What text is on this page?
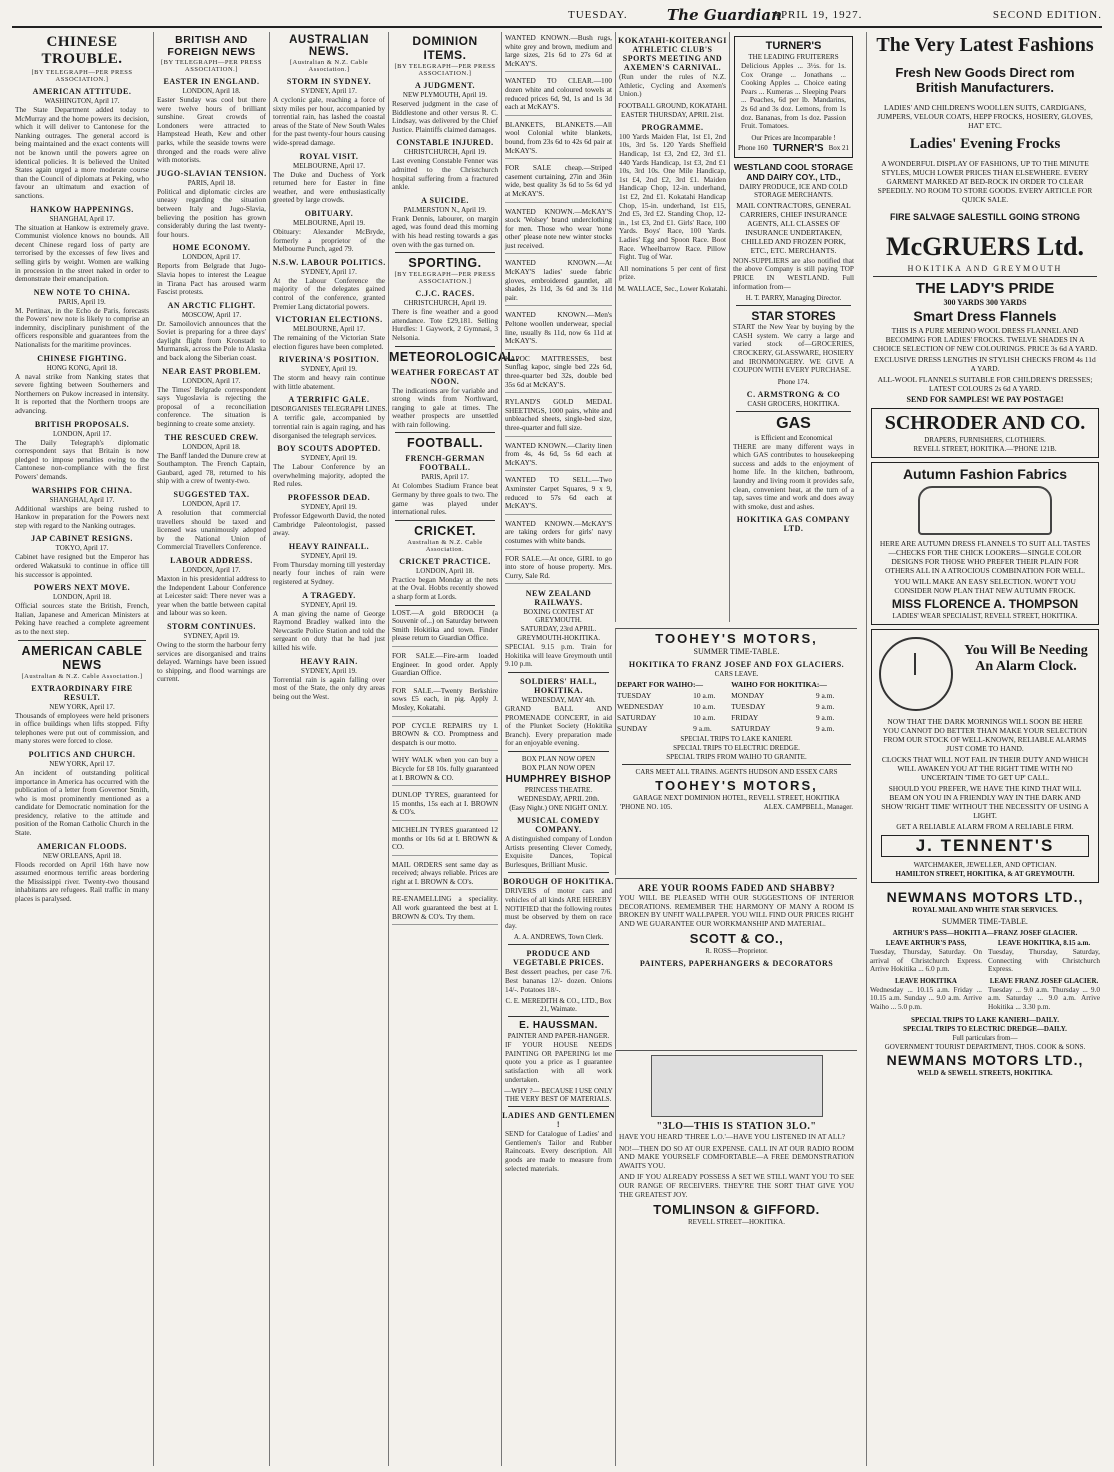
TUESDAY.	The Guardian
APRIL 19, 1927.	SECOND EDITION.
CHINESE TROUBLE.
[BY TELEGRAPH—PER PRESS ASSOCIATION.]
AMERICAN ATTITUDE.
WASHINGTON, April 17.

The State Department added today to McMurray and the home powers its decision, which it will deliver to Cantonese for the Nanking outrages. The general accord is being maintained and the exact contents will not be known until the powers agree on identical policies. It is believed the United States again urged a more moderate course than the Council of diplomats at Peking, who favour an ultimatum and exaction of sanctions.

HANKOW HAPPENINGS.
SHANGHAI, April 17.

The situation at Hankow is extremely grave. Communist violence knows no bounds. All decent Chinese regard loss of party are terrorised by the excesses of few lives and selling girls by weight. Women are walking in procession in the street naked in order to demonstrate their emancipation.

NEW NOTE TO CHINA.
PARIS, April 19.

M. Pertinax, in the Echo de Paris, forecasts the Powers' new note is likely to comprise an indemnity, disciplinary punishment of the officers responsible and guarantees from the Nationalists for the maritime provinces.

CHINESE FIGHTING.
HONG KONG, April 18.

A naval strike from Nanking states that severe fighting between Southerners and Northerners on Pukow increased in intensity. It is reported that the Northern troops are advancing.

BRITISH PROPOSALS.
LONDON, April 17.

The Daily Telegraph's diplomatic correspondent says that Britain is now pledged to impose penalties owing to the Cantonese non-compliance with the first Powers' demands.

WARSHIPS FOR CHINA.
SHANGHAI, April 17.

Additional warships are being rushed to Hankow in preparation for the Powers next step with regard to the Nanking outrages.

JAP CABINET RESIGNS.
TOKYO, April 17.

Cabinet have resigned but the Emperor has ordered Wakatsuki to continue in office till his successor is appointed.

POWERS NEXT MOVE.
LONDON, April 18.

Official sources state the British, French, Italian, Japanese and American Ministers at Peking have reached a complete agreement as to the next step.

AMERICAN CABLE NEWS
[Australian & N.Z. Cable Association.]
EXTRAORDINARY FIRE RESULT.
NEW YORK, April 17.

Thousands of employees were held prisoners in office buildings when lifts stopped. Fifty telephones were put out of commission, and many stores were forced to close.

POLITICS AND CHURCH.
NEW YORK, April 17.

An incident of outstanding political importance in America has occurred with the publication of a letter from Governor Smith, who is most prominently mentioned as a candidate for Democratic nomination for the presidency, relative to the attitude and position of the Roman Catholic Church in the State.

AMERICAN FLOODS.
NEW ORLEANS, April 18.

Floods recorded on April 16th have now assumed enormous terrific areas bordering the Mississippi river. Twenty-two thousand inhabitants are refugees. Rail traffic in many places is paralysed.

BRITISH AND FOREIGN NEWS
[BY TELEGRAPH—PER PRESS ASSOCIATION.]
EASTER IN ENGLAND.
LONDON, April 18.

Easter Sunday was cool but there were twelve hours of brilliant sunshine. Great crowds of Londoners were attracted to Hampstead Heath, Kew and other parks, while the seaside towns were thronged and the roads were alive with motorists.

JUGO-SLAVIAN TENSION.
PARIS, April 18.

Political and diplomatic circles are uneasy regarding the situation between Italy and Jugo-Slavia, believing the position has grown considerably during the last twenty-four hours.

HOME ECONOMY.
LONDON, April 17.

Reports from Belgrade that Jugo-Slavia hopes to interest the League in Tirana Pact has aroused warm Fascist protests.

AN ARCTIC FLIGHT.
MOSCOW, April 17.

Dr. Samoilovich announces that the Soviet is preparing for a three days' daylight flight from Kronstadt to Murmansk, across the Pole to Alaska and back along the Siberian coast.

NEAR EAST PROBLEM.
LONDON, April 17.

The Times' Belgrade correspondent says Yugoslavia is rejecting the proposal of a reconciliation conference. The situation is beginning to create some anxiety.

THE RESCUED CREW.
LONDON, April 18.

The Banff landed the Dunure crew at Southampton. The French Captain, Gaubard, aged 78, returned to his ship with a crew of twenty-two.

SUGGESTED TAX.
LONDON, April 17.

A resolution that commercial travellers should be taxed and licensed was unanimously adopted by the National Union of Commercial Travellers Conference.

LABOUR ADDRESS.
LONDON, April 17.

Maxton in his presidential address to the Independent Labour Conference at Leicester said: There never was a year when the battle between capital and labour was so keen.

STORM CONTINUES.
SYDNEY, April 19.

Owing to the storm the harbour ferry services are disorganised and trains delayed. Warnings have been issued to shipping, and flood warnings are current.

AUSTRALIAN NEWS.
[Australian & N.Z. Cable Association.]
STORM IN SYDNEY.
SYDNEY, April 17.

A cyclonic gale, reaching a force of sixty miles per hour, accompanied by torrential rain, has lashed the coastal areas of the State of New South Wales for the past twenty-four hours causing wide-spread damage.

ROYAL VISIT.
MELBOURNE, April 17.

The Duke and Duchess of York returned here for Easter in fine weather, and were enthusiastically greeted by large crowds.

OBITUARY.
MELBOURNE, April 19.

Obituary: Alexander McBryde, formerly a proprietor of the Melbourne Punch, aged 79.

N.S.W. LABOUR POLITICS.
SYDNEY, April 17.

At the Labour Conference the majority of the delegates gained control of the conference, granted Premier Lang dictatorial powers.

VICTORIAN ELECTIONS.
MELBOURNE, April 17.

The remaining of the Victorian State election figures have been completed.

RIVERINA'S POSITION.
SYDNEY, April 19.

The storm and heavy rain continue with little abatement.

A TERRIFIC GALE.
DISORGANISES TELEGRAPH LINES.

A terrific gale, accompanied by torrential rain is again raging, and has disorganised the telegraph services.

BOY SCOUTS ADOPTED.
SYDNEY, April 19.

The Labour Conference by an overwhelming majority, adopted the Red rules.

PROFESSOR DEAD.
SYDNEY, April 19.

Professor Edgeworth David, the noted Cambridge Paleontologist, passed away.

HEAVY RAINFALL.
SYDNEY, April 19.

From Thursday morning till yesterday nearly four inches of rain were registered at Sydney.

A TRAGEDY.
SYDNEY, April 19.

A man giving the name of George Raymond Bradley walked into the Newcastle Police Station and told the sergeant on duty that he had just killed his wife.

HEAVY RAIN.
SYDNEY, April 19.

Torrential rain is again falling over most of the State, the only dry areas being out the West.

DOMINION ITEMS.
[BY TELEGRAPH—PER PRESS ASSOCIATION.]
A JUDGMENT.
NEW PLYMOUTH, April 19.

Reserved judgment in the case of Biddlestone and other versus R. C. Lindsay, was delivered by the Chief Justice. Plaintiffs claimed damages.

CONSTABLE INJURED.
CHRISTCHURCH, April 19.

Last evening Constable Fenner was admitted to the Christchurch hospital suffering from a fractured ankle.

A SUICIDE.
PALMERSTON N., April 19.

Frank Dennis, labourer, on margin aged, was found dead this morning with his head resting towards a gas oven with the gas turned on.

SPORTING.
[BY TELEGRAPH—PER PRESS ASSOCIATION.]
C.J.C. RACES.
CHRISTCHURCH, April 19.

There is fine weather and a good attendance. Tote £29,181. Selling Hurdles: 1 Gaywork, 2 Gymnasi, 3 Nelsonia.

METEOROLOGICAL.
WEATHER FORECAST AT NOON.

The indications are for variable and strong winds from Northward, ranging to gale at times. The weather prospects are unsettled with rain following.

FOOTBALL.
FRENCH-GERMAN FOOTBALL.
PARIS, April 17.

At Colombes Stadium France beat Germany by three goals to two. The game was played under international rules.

CRICKET.
Australian & N.Z. Cable Association.
CRICKET PRACTICE.
LONDON, April 18.

Practice began Monday at the nets at the Oval. Hobbs recently showed a sharp form at Lords.

LOST.—A gold BROOCH (a Souvenir of...) on Saturday between Smith Hokitika and town. Finder please return to Guardian Office.

FOR SALE.—Fire-arm loaded Engineer. In good order. Apply Guardian Office.

FOR SALE.—Twenty Berkshire sows £5 each, in pig. Apply J. Mosley, Kokatahi.

POP CYCLE REPAIRS try I. BROWN & CO. Promptness and despatch is our motto.

WHY WALK when you can buy a Bicycle for £8 10s. fully guaranteed at I. BROWN & CO.

DUNLOP TYRES, guaranteed for 15 months, 15s each at I. BROWN & CO's.

MICHELIN TYRES guaranteed 12 months or 10s 6d at I. BROWN & CO.

MAIL ORDERS sent same day as received; always reliable. Prices are right at I. BROWN & CO's.

RE-ENAMELLING a speciality. All work guaranteed the best at I. BROWN & CO's. Try them.

WANTED KNOWN.—Bush rugs, white grey and brown, medium and large sizes, 21s 6d to 27s 6d at McKAY'S.

WANTED TO CLEAR.—100 dozen white and coloured towels at reduced prices 6d, 9d, 1s and 1s 3d each at McKAY'S.

BLANKETS, BLANKETS.—All wool Colonial white blankets, bound, from 23s 6d to 42s 6d pair at McKAY'S.

FOR SALE cheap.—Striped casement curtaining, 27in and 36in wide, best quality 3s 6d to 5s 6d yd at McKAY'S.

WANTED KNOWN.—McKAY'S stock 'Wolsey' brand underclothing for men. Those who wear 'none other' please note new winter stocks just received.

WANTED KNOWN.—At McKAY'S ladies' suede fabric gloves, embroidered gauntlet, all shades, 2s 11d, 3s 6d and 3s 11d pair.

WANTED KNOWN.—Men's Peltone woollen underwear, special line, usually 8s 11d, now 6s 11d at McKAY'S.

KAPOC MATTRESSES, best Sunflag kapoc, single bed 22s 6d, three-quarter bed 32s, double bed 35s 6d at McKAY'S.

RYLAND'S GOLD MEDAL SHEETINGS, 1000 pairs, white and unbleached sheets, single-bed size, three-quarter and full size.

WANTED KNOWN.—Clarity linen from 4s, 4s 6d, 5s 6d each at McKAY'S.

WANTED TO SELL.—Two Axminster Carpet Squares, 9 x 9, reduced to 57s 6d each at McKAY'S.

WANTED KNOWN.—McKAY'S are taking orders for girls' navy costumes with white bands.

FOR SALE.—At once, GIRL to go into store of house property. Mrs. Curry, Sale Rd.

NEW ZEALAND RAILWAYS.
BOXING CONTEST AT GREYMOUTH.
SATURDAY, 23rd APRIL.
GREYMOUTH-HOKITIKA.

SPECIAL 9.15 p.m. Train for Hokitika will leave Greymouth until 9.10 p.m.

SOLDIERS' HALL, HOKITIKA.
WEDNESDAY, MAY 4th.

GRAND BALL AND PROMENADE CONCERT, in aid of the Plunket Society (Hokitika Branch). Every preparation made for an enjoyable evening.

BOX PLAN NOW OPEN
BOX PLAN NOW OPEN
HUMPHREY BISHOP
PRINCESS THEATRE.
WEDNESDAY, APRIL 20th.
(Easy Night.) ONE NIGHT ONLY.
MUSICAL COMEDY COMPANY.

A distinguished company of London Artists presenting Clever Comedy, Exquisite Dances, Topical Burlesques, Brilliant Music.

BOROUGH OF HOKITIKA.

DRIVERS of motor cars and vehicles of all kinds ARE HEREBY NOTIFIED that the following routes must be observed by them on race day.

A. A. ANDREWS, Town Clerk.
PRODUCE AND VEGETABLE PRICES.

Best dessert peaches, per case 7/6. Best bananas 12/- dozen. Onions 14/-. Potatoes 18/-.

C. E. MEREDITH & CO., LTD., Box 21, Waimate.
E. HAUSSMAN.
PAINTER AND PAPER-HANGER.

IF YOUR HOUSE NEEDS PAINTING OR PAPERING let me quote you a price as I guarantee satisfaction with all work undertaken.

—WHY ?— BECAUSE I USE ONLY THE VERY BEST OF MATERIALS.
LADIES AND GENTLEMEN !

SEND for Catalogue of Ladies' and Gentlemen's Tailor and Rubber Raincoats. Every description. All goods are made to measure from selected materials.

KOKATAHI-KOITERANGI ATHLETIC CLUB'S SPORTS MEETING AND AXEMEN'S CARNIVAL.

(Run under the rules of N.Z. Athletic, Cycling and Axemen's Union.)

FOOTBALL GROUND, KOKATAHI.
EASTER THURSDAY, APRIL 21st.
PROGRAMME.

100 Yards Maiden Flat, 1st £1, 2nd 10s, 3rd 5s. 120 Yards Sheffield Handicap, 1st £3, 2nd £2, 3rd £1. 440 Yards Handicap, 1st £3, 2nd £1 10s, 3rd 10s. One Mile Handicap, 1st £4, 2nd £2, 3rd £1. Maiden Handicap Chop, 12-in. underhand, 1st £2, 2nd £1. Kokatahi Handicap Chop, 15-in. underhand, 1st £15, 2nd £5, 3rd £2. Standing Chop, 12-in., 1st £3, 2nd £1. Girls' Race, 100 Yards. Boys' Race, 100 Yards. Ladies' Egg and Spoon Race. Boot Race. Wheelbarrow Race. Pillow Fight. Tug of War.

All nominations 5 per cent of first prize.

M. WALLACE, Sec., Lower Kokatahi.
TURNER'S
THE LEADING FRUITERERS

Delicious Apples ... 3½s. for 1s. Cox Orange ... Jonathans ... Cooking Apples ... Choice eating Pears ... Kumeras ... Sleeping Pears ... Peaches, 6d per lb. Mandarins, 2s 6d and 3s doz. Lemons, from 1s doz. Bananas, from 1s doz. Passion Fruit. Tomatoes.

Our Prices are Incomparable !
Phone 160 TURNER'S Box 21
WESTLAND COOL STORAGE AND DAIRY COY., LTD.,
DAIRY PRODUCE, ICE AND COLD STORAGE MERCHANTS.

MAIL CONTRACTORS, GENERAL CARRIERS, CHIEF INSURANCE AGENTS, ALL CLASSES OF INSURANCE UNDERTAKEN, CHILLED AND FROZEN PORK, ETC., ETC. MERCHANTS.

NON-SUPPLIERS are also notified that the above Company is still paying TOP PRICE IN WESTLAND. Full information from—

H. T. PARRY, Managing Director.
STAR STORES

START the New Year by buying by the CASH system. We carry a large and varied stock of—GROCERIES, CROCKERY, GLASSWARE, HOSIERY and IRONMONGERY. WE GIVE A COUPON WITH EVERY PURCHASE.

Phone 174.
C. ARMSTRONG & CO
CASH GROCERS, HOKITIKA.
GAS
is Efficient and Economical

THERE are many different ways in which GAS contributes to housekeeping success and adds to the enjoyment of home life. In the kitchen, bathroom, laundry and living room it provides safe, clean, convenient heat, at the turn of a tap, saves time and work and does away with smoke, dust and ashes.

HOKITIKA GAS COMPANY LTD.
TOOHEY'S MOTORS,
SUMMER TIME-TABLE.
HOKITIKA TO FRANZ JOSEF AND FOX GLACIERS.
CARS LEAVE.
DEPART FOR WAIHO:—		WAIHO FOR HOKITIKA:—	
TUESDAY	10 a.m.	MONDAY	9 a.m.
WEDNESDAY	10 a.m.	TUESDAY	9 a.m.
SATURDAY	10 a.m.	FRIDAY	9 a.m.
SUNDAY	9 a.m.	SATURDAY	9 a.m.
SPECIAL TRIPS TO LAKE KANIERI.
SPECIAL TRIPS TO ELECTRIC DREDGE.
SPECIAL TRIPS FROM WAIHO TO GRANITE.
CARS MEET ALL TRAINS. AGENTS HUDSON AND ESSEX CARS
TOOHEY'S MOTORS,
GARAGE NEXT DOMINION HOTEL, REVELL STREET, HOKITIKA
'PHONE NO. 105.	ALEX. CAMPBELL, Manager.
ARE YOUR ROOMS FADED AND SHABBY?

YOU WILL BE PLEASED WITH OUR SUGGESTIONS OF INTERIOR DECORATIONS. REMEMBER THE HARMONY OF MANY A ROOM IS BROKEN BY UNFIT WALLPAPER. YOU WILL FIND OUR PRICES RIGHT AND WE GUARANTEE OUR WORKMANSHIP AND MATERIAL.

SCOTT & CO.,
R. ROSS—Proprietor.
PAINTERS, PAPERHANGERS & DECORATORS
"3LO—THIS IS STATION 3LO."

HAVE YOU HEARD 'THREE L.O.'—HAVE YOU LISTENED IN AT ALL?

NO!—THEN DO SO AT OUR EXPENSE. CALL IN AT OUR RADIO ROOM AND MAKE YOURSELF COMFORTABLE—A FREE DEMONSTRATION AWAITS YOU.

AND IF YOU ALREADY POSSESS A SET WE STILL WANT YOU TO SEE OUR RANGE OF RECEIVERS. THEY'RE THE SORT THAT GIVE YOU THE GREATEST JOY.

TOMLINSON & GIFFORD.
REVELL STREET—HOKITIKA.
The Very Latest Fashions
Fresh New Goods Direct rom British Manufacturers.

LADIES' AND CHILDREN'S WOOLLEN SUITS, CARDIGANS, JUMPERS, VELOUR COATS, HEPP FROCKS, HOSIERY, GLOVES, HAT' ETC.

Ladies' Evening Frocks

A WONDERFUL DISPLAY OF FASHIONS, UP TO THE MINUTE STYLES, MUCH LOWER PRICES THAN ELSEWHERE. EVERY GARMENT MARKED AT BED-ROCK IN ORDER TO CLEAR SPEEDILY. NO ROOM TO STORE GOODS. EVERY ARTICLE FOR QUICK SALE.

FIRE SALVAGE SALESTILL GOING STRONG
McGRUERS Ltd.
HOKITIKA AND GREYMOUTH
THE LADY'S PRIDE
300 YARDS 300 YARDS
Smart Dress Flannels

THIS IS A PURE MERINO WOOL DRESS FLANNEL AND BECOMING FOR LADIES' FROCKS. TWELVE SHADES IN A CHOICE SELECTION OF NEW COLOURINGS. PRICE 3s 6d A YARD.

EXCLUSIVE DRESS LENGTHS IN STYLISH CHECKS FROM 4s 11d A YARD.

ALL-WOOL FLANNELS SUITABLE FOR CHILDREN'S DRESSES; LATEST COLOURS 2s 6d A YARD.

SEND FOR SAMPLES! WE PAY POSTAGE!
SCHRODER AND CO.
DRAPERS, FURNISHERS, CLOTHIERS.
REVELL STREET, HOKITIKA.—'PHONE 121B.
Autumn Fashion Fabrics

HERE ARE AUTUMN DRESS FLANNELS TO SUIT ALL TASTES—CHECKS FOR THE CHICK LOOKERS—SINGLE COLOR DESIGNS FOR THOSE WHO PREFER THEIR PLAIN FOR OTHERS ALL IN A ATROCIOUS COMBINATION FOR WELL.

YOU WILL MAKE AN EASY SELECTION. WON'T YOU CONSIDER NOW PLAN THAT NEW AUTUMN FROCK.

MISS FLORENCE A. THOMPSON
LADIES' WEAR SPECIALIST, REVELL STREET, HOKITIKA.
You Will Be Needing An Alarm Clock.

NOW THAT THE DARK MORNINGS WILL SOON BE HERE YOU CANNOT DO BETTER THAN MAKE YOUR SELECTION FROM OUR STOCK OF WELL-KNOWN, RELIABLE ALARMS JUST COME TO HAND.

CLOCKS THAT WILL NOT FAIL IN THEIR DUTY AND WHICH WILL AWAKEN YOU AT THE RIGHT TIME WITH NO UNCERTAIN 'TIME TO GET UP' CALL.

SHOULD YOU PREFER, WE HAVE THE KIND THAT WILL BEAM ON YOU IN A FRIENDLY WAY IN THE DARK AND SHOW 'RIGHT TIME' WITHOUT THE NECESSITY OF USING A LIGHT.

GET A RELIABLE ALARM FROM A RELIABLE FIRM.

J. TENNENT'S
WATCHMAKER, JEWELLER, AND OPTICIAN.
HAMILTON STREET, HOKITIKA, & AT GREYMOUTH.
NEWMANS MOTORS LTD.,
ROYAL MAIL AND WHITE STAR SERVICES.
SUMMER TIME-TABLE.
ARTHUR'S PASS—HOKITI A—FRANZ JOSEF GLACIER.
LEAVE ARTHUR'S PASS,

Tuesday, Thursday, Saturday. On arrival of Christchurch Express. Arrive Hokitika ... 6.0 p.m.

LEAVE HOKITIKA

Wednesday ... 10.15 a.m. Friday ... 10.15 a.m. Sunday ... 9.0 a.m. Arrive Waiho ... 5.0 p.m.

LEAVE HOKITIKA, 8.15 a.m.

Tuesday, Thursday, Saturday, Connecting with Christchurch Express.

LEAVE FRANZ JOSEF GLACIER.

Tuesday ... 9.0 a.m. Thursday ... 9.0 a.m. Saturday ... 9.0 a.m. Arrive Hokitika ... 3.30 p.m.

SPECIAL TRIPS TO LAKE KANIERI—DAILY.
SPECIAL TRIPS TO ELECTRIC DREDGE—DAILY.
Full particulars from—
GOVERNMENT TOURIST DEPARTMENT, THOS. COOK & SONS.
NEWMANS MOTORS LTD.,
WELD & SEWELL STREETS, HOKITIKA.
